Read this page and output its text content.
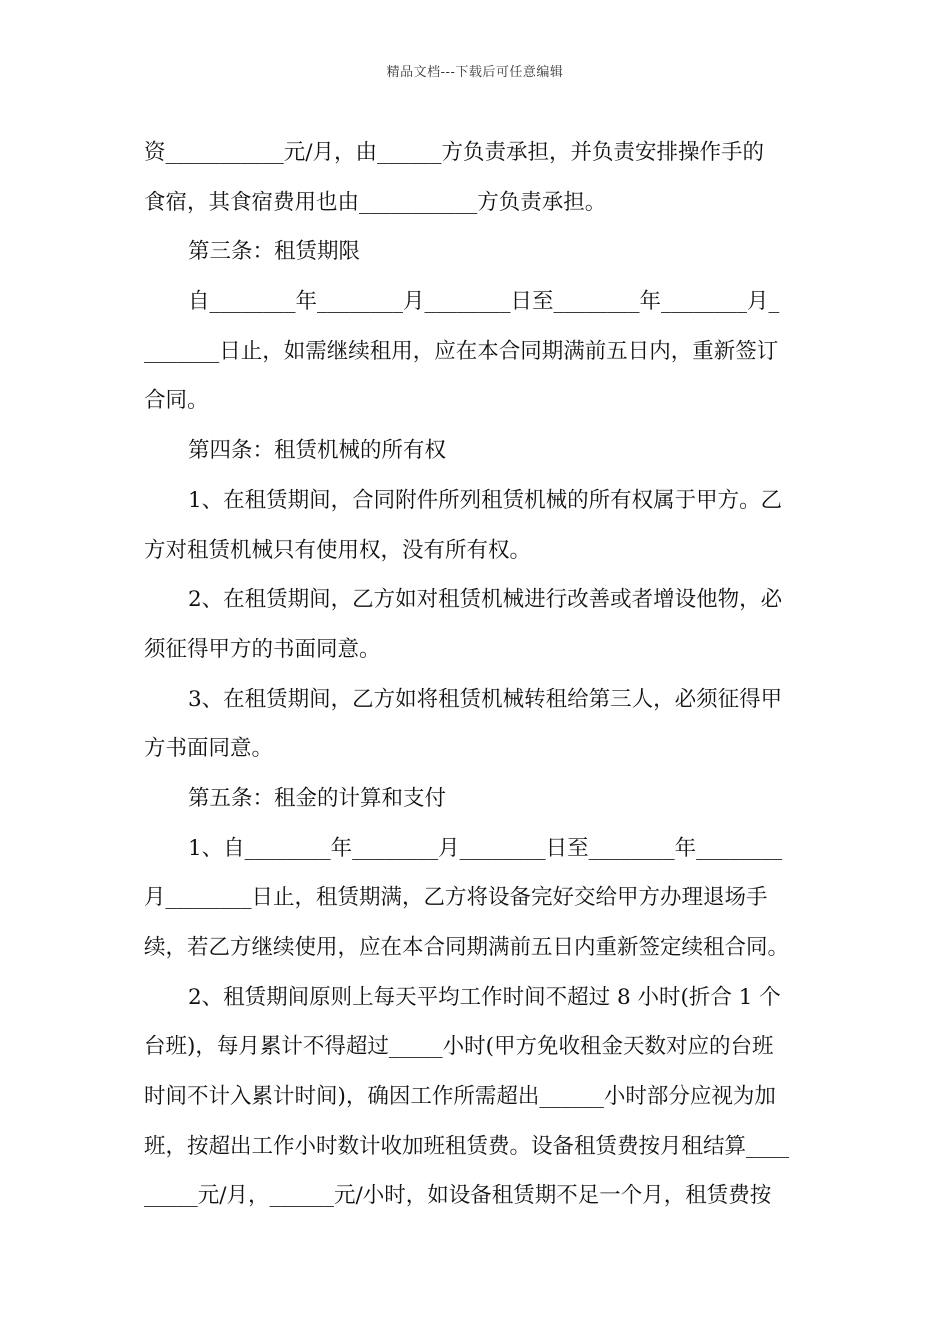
精品文档---下载后可任意编辑
资___________元/月，由______方负责承担，并负责安排操作手的
食宿，其食宿费用也由___________方负责承担。
第三条：租赁期限
自________年________月________日至________年________月_
_______日止，如需继续租用，应在本合同期满前五日内，重新签订
合同。
第四条：租赁机械的所有权
1、在租赁期间，合同附件所列租赁机械的所有权属于甲方。乙
方对租赁机械只有使用权，没有所有权。
2、在租赁期间，乙方如对租赁机械进行改善或者增设他物，必
须征得甲方的书面同意。
3、在租赁期间，乙方如将租赁机械转租给第三人，必须征得甲
方书面同意。
第五条：租金的计算和支付
1、自________年________月________日至________年________
月________日止，租赁期满，乙方将设备完好交给甲方办理退场手
续，若乙方继续使用，应在本合同期满前五日内重新签定续租合同。
2、租赁期间原则上每天平均工作时间不超过 8 小时(折合 1 个
台班)，每月累计不得超过_____小时(甲方免收租金天数对应的台班
时间不计入累计时间)，确因工作所需超出______小时部分应视为加
班，按超出工作小时数计收加班租赁费。设备租赁费按月租结算____
_____元/月，______元/小时，如设备租赁期不足一个月，租赁费按
